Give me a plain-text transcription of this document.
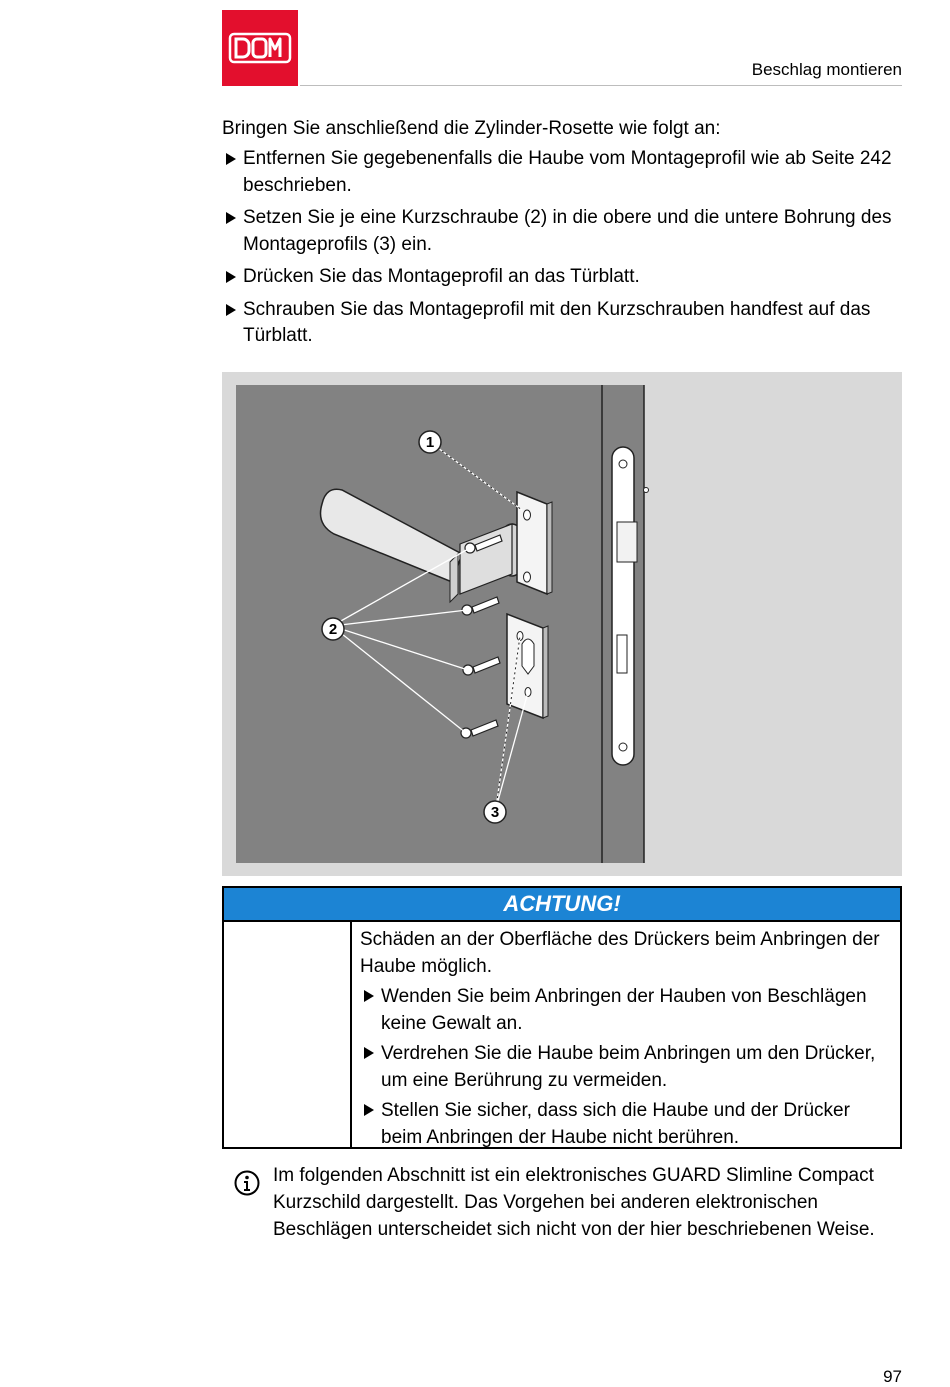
Beschlag montieren
Bringen Sie anschließend die Zylinder-Rosette wie folgt an:
Entfernen Sie gegebenenfalls die Haube vom Montageprofil wie ab Seite 242 beschrieben.
Setzen Sie je eine Kurzschraube (2) in die obere und die untere Bohrung des Montageprofils (3) ein.
Drücken Sie das Montageprofil an das Türblatt.
Schrauben Sie das Montageprofil mit den Kurzschrauben handfest auf das Türblatt.
1
2
3
ACHTUNG!
Schäden an der Oberfläche des Drückers beim Anbringen der Haube möglich.
Wenden Sie beim Anbringen der Hauben von Beschlägen keine Gewalt an.
Verdrehen Sie die Haube beim Anbringen um den Drücker, um eine Berührung zu vermeiden.
Stellen Sie sicher, dass sich die Haube und der Drücker beim Anbringen der Haube nicht berühren.
Im folgenden Abschnitt ist ein elektronisches GUARD Slimline Compact Kurzschild dargestellt. Das Vorgehen bei anderen elektronischen Beschlägen unterscheidet sich nicht von der hier beschriebenen Weise.
97
